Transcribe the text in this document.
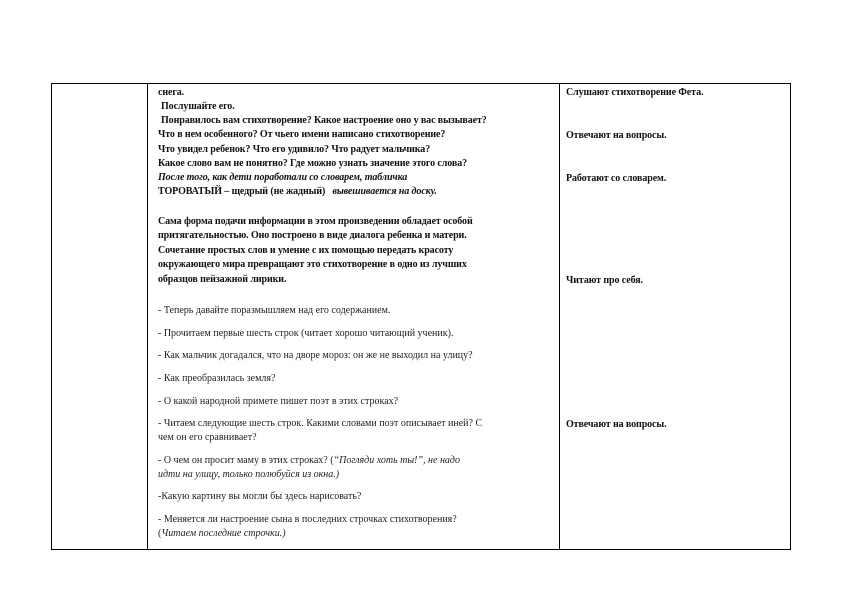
снега.
Послушайте его.
Понравилось вам стихотворение? Какое настроение оно у вас вызывает?
Что в нем особенного? От чьего имени написано стихотворение?
Что увидел ребенок? Что его удивило? Что радует мальчика?
Какое слово вам не понятно? Где можно узнать значение этого слова?
После того, как дети поработали со словарем, табличка
ТОРОВАТЫЙ – щедрый (не жадный) вывешивается на доску.
Сама форма подачи информации в этом произведении обладает особой
притягательностью. Оно построено в виде диалога ребенка и матери.
Сочетание простых слов и умение с их помощью передать красоту
окружающего мира превращают это стихотворение в одно из лучших
образцов пейзажной лирики.
- Теперь давайте поразмышляем над его содержанием.
- Прочитаем первые шесть строк (читает хорошо читающий ученик).
- Как мальчик догадался, что на дворе мороз: он же не выходил на улицу?
- Как преобразилась земля?
- О какой народной примете пишет поэт в этих строках?
- Читаем следующие шесть строк. Какими словами поэт описывает иней? С
чем он его сравнивает?
- О чем он просит маму в этих строках? (“Погляди хоть ты!”, не надо
идти на улицу, только полюбуйся из окна.)
-Какую картину вы могли бы здесь нарисовать?
- Меняется ли настроение сына в последних строчках стихотворения?
(Читаем последние строчки.)
Слушают стихотворение Фета.
Отвечают на вопросы.
Работают со словарем.
Читают про себя.
Отвечают на вопросы.
